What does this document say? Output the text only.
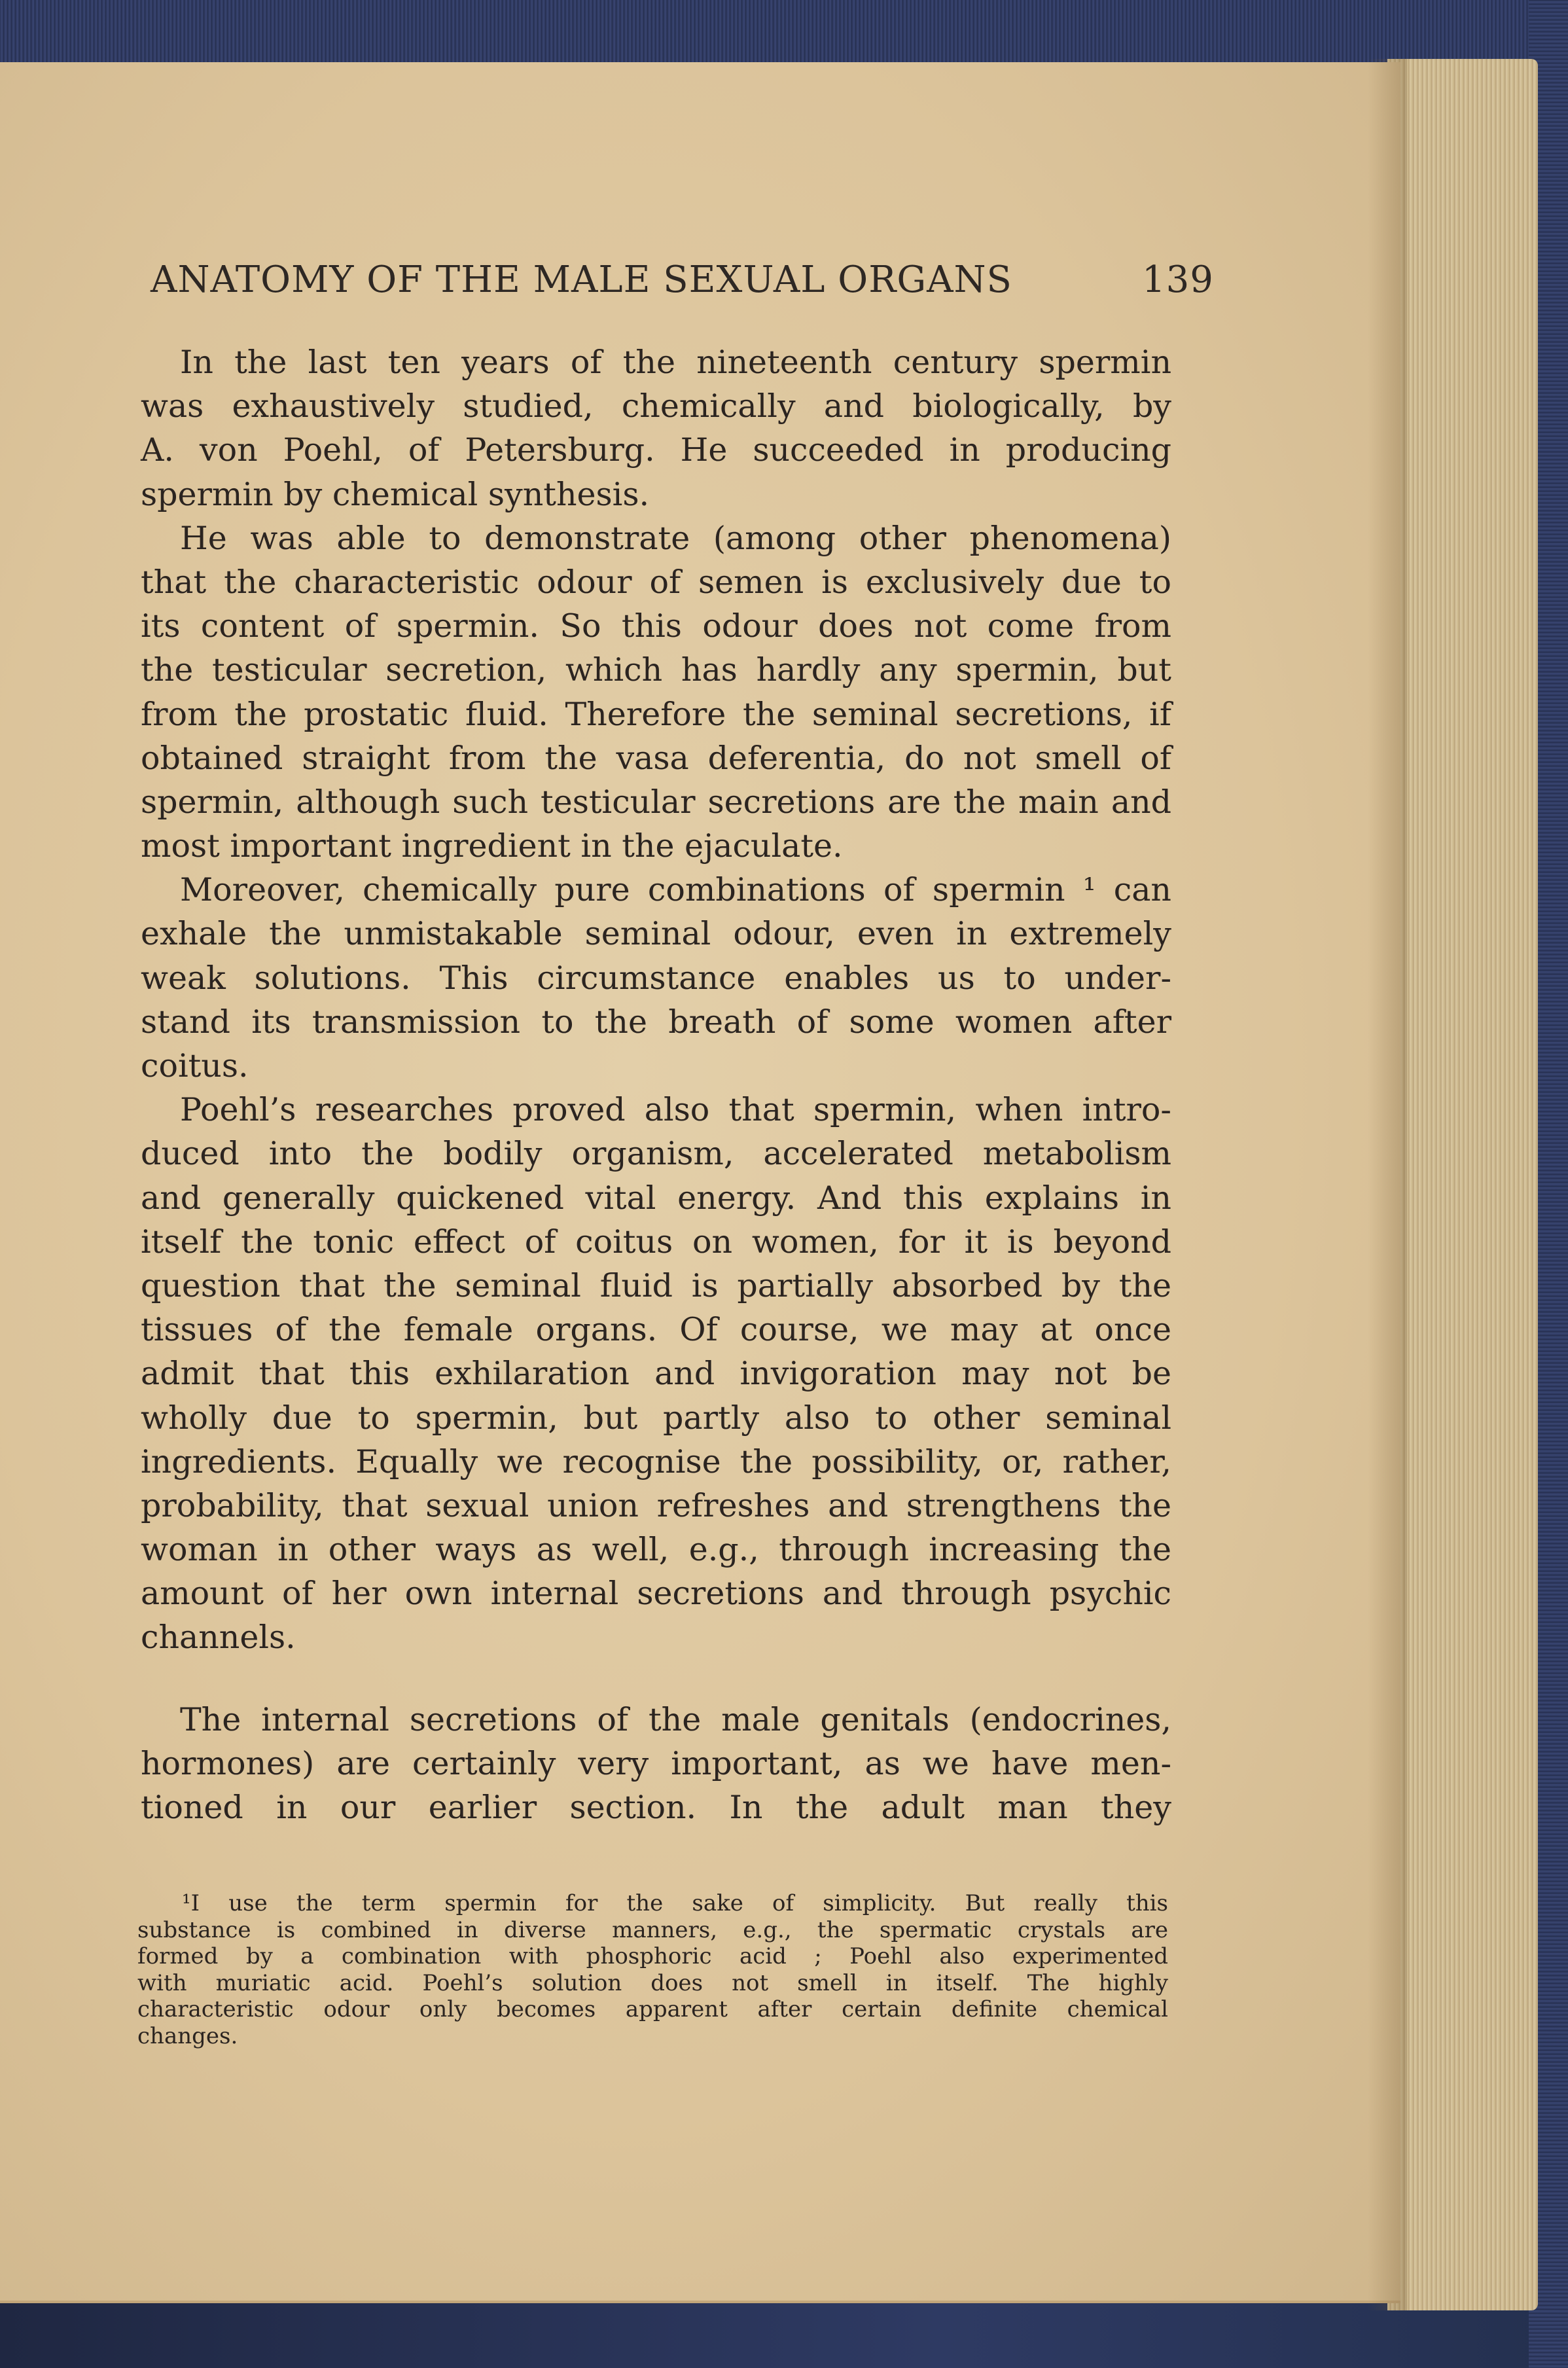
ANATOMY OF THE MALE SEXUAL ORGANS	139
In the last ten years of the nineteenth century spermin
was exhaustively studied, chemically and biologically, by
A. von Poehl, of Petersburg. He succeeded in producing
spermin by chemical synthesis.
He was able to demonstrate (among other phenomena)
that the characteristic odour of semen is exclusively due to
its content of spermin. So this odour does not come from
the testicular secretion, which has hardly any spermin, but
from the prostatic fluid. Therefore the seminal secretions, if
obtained straight from the vasa deferentia, do not smell of
spermin, although such testicular secretions are the main and
most important ingredient in the ejaculate.
Moreover, chemically pure combinations of spermin ¹ can
exhale the unmistakable seminal odour, even in extremely
weak solutions. This circumstance enables us to under-
stand its transmission to the breath of some women after
coitus.
Poehl’s researches proved also that spermin, when intro-
duced into the bodily organism, accelerated metabolism
and generally quickened vital energy. And this explains in
itself the tonic effect of coitus on women, for it is beyond
question that the seminal fluid is partially absorbed by the
tissues of the female organs. Of course, we may at once
admit that this exhilaration and invigoration may not be
wholly due to spermin, but partly also to other seminal
ingredients. Equally we recognise the possibility, or, rather,
probability, that sexual union refreshes and strengthens the
woman in other ways as well, e.g., through increasing the
amount of her own internal secretions and through psychic
channels.
The internal secretions of the male genitals (endocrines,
hormones) are certainly very important, as we have men-
tioned in our earlier section. In the adult man they
¹I use the term spermin for the sake of simplicity. But really this
substance is combined in diverse manners, e.g., the spermatic crystals are
formed by a combination with phosphoric acid ; Poehl also experimented
with muriatic acid. Poehl’s solution does not smell in itself. The highly
characteristic odour only becomes apparent after certain definite chemical
changes.
